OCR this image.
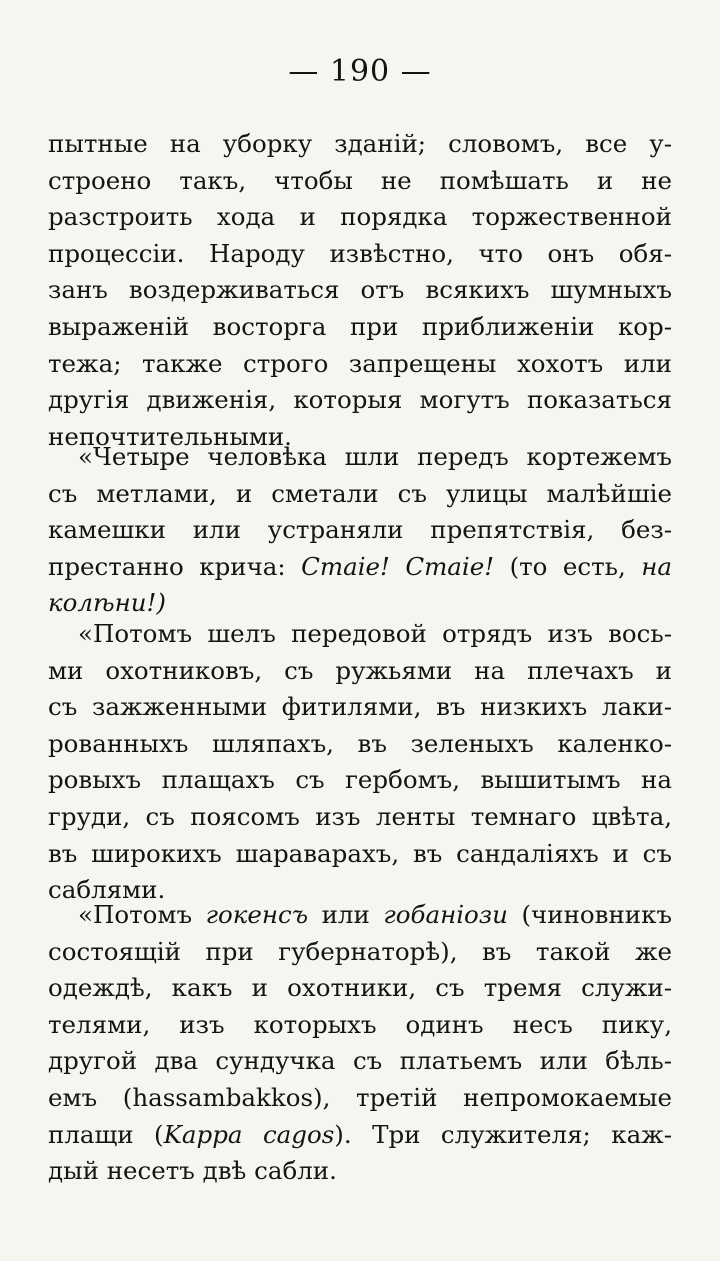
— 190 —
пытные на уборку зданій; словомъ, все у-
строено такъ, чтобы не помѣшать и не
разстроить хода и порядка торжественной
процессіи. Народу извѣстно, что онъ обя-
занъ воздерживаться отъ всякихъ шумныхъ
выраженій восторга при приближеніи кор-
тежа; также строго запрещены хохотъ или
другія движенія, которыя могутъ показаться
непочтительными.
«Четыре человѣка шли передъ кортежемъ
съ метлами, и сметали съ улицы малѣйшіе
камешки или устраняли препятствія, без-
престанно крича: Стаіе! Стаіе! (то есть, на
колѣни!)
«Потомъ шелъ передовой отрядъ изъ вось-
ми охотниковъ, съ ружьями на плечахъ и
съ зажженными фитилями, въ низкихъ лаки-
рованныхъ шляпахъ, въ зеленыхъ каленко-
ровыхъ плащахъ съ гербомъ, вышитымъ на
груди, съ поясомъ изъ ленты темнаго цвѣта,
въ широкихъ шараварахъ, въ сандаліяхъ и съ
саблями.
«Потомъ гокенсъ или гобаніози (чиновникъ
состоящій при губернаторѣ), въ такой же
одеждѣ, какъ и охотники, съ тремя служи-
телями, изъ которыхъ одинъ несъ пику,
другой два сундучка съ платьемъ или бѣль-
емъ (hassambakkos), третій непромокаемые
плащи (Kappa cagos). Три служителя; каж-
дый несетъ двѣ сабли.
